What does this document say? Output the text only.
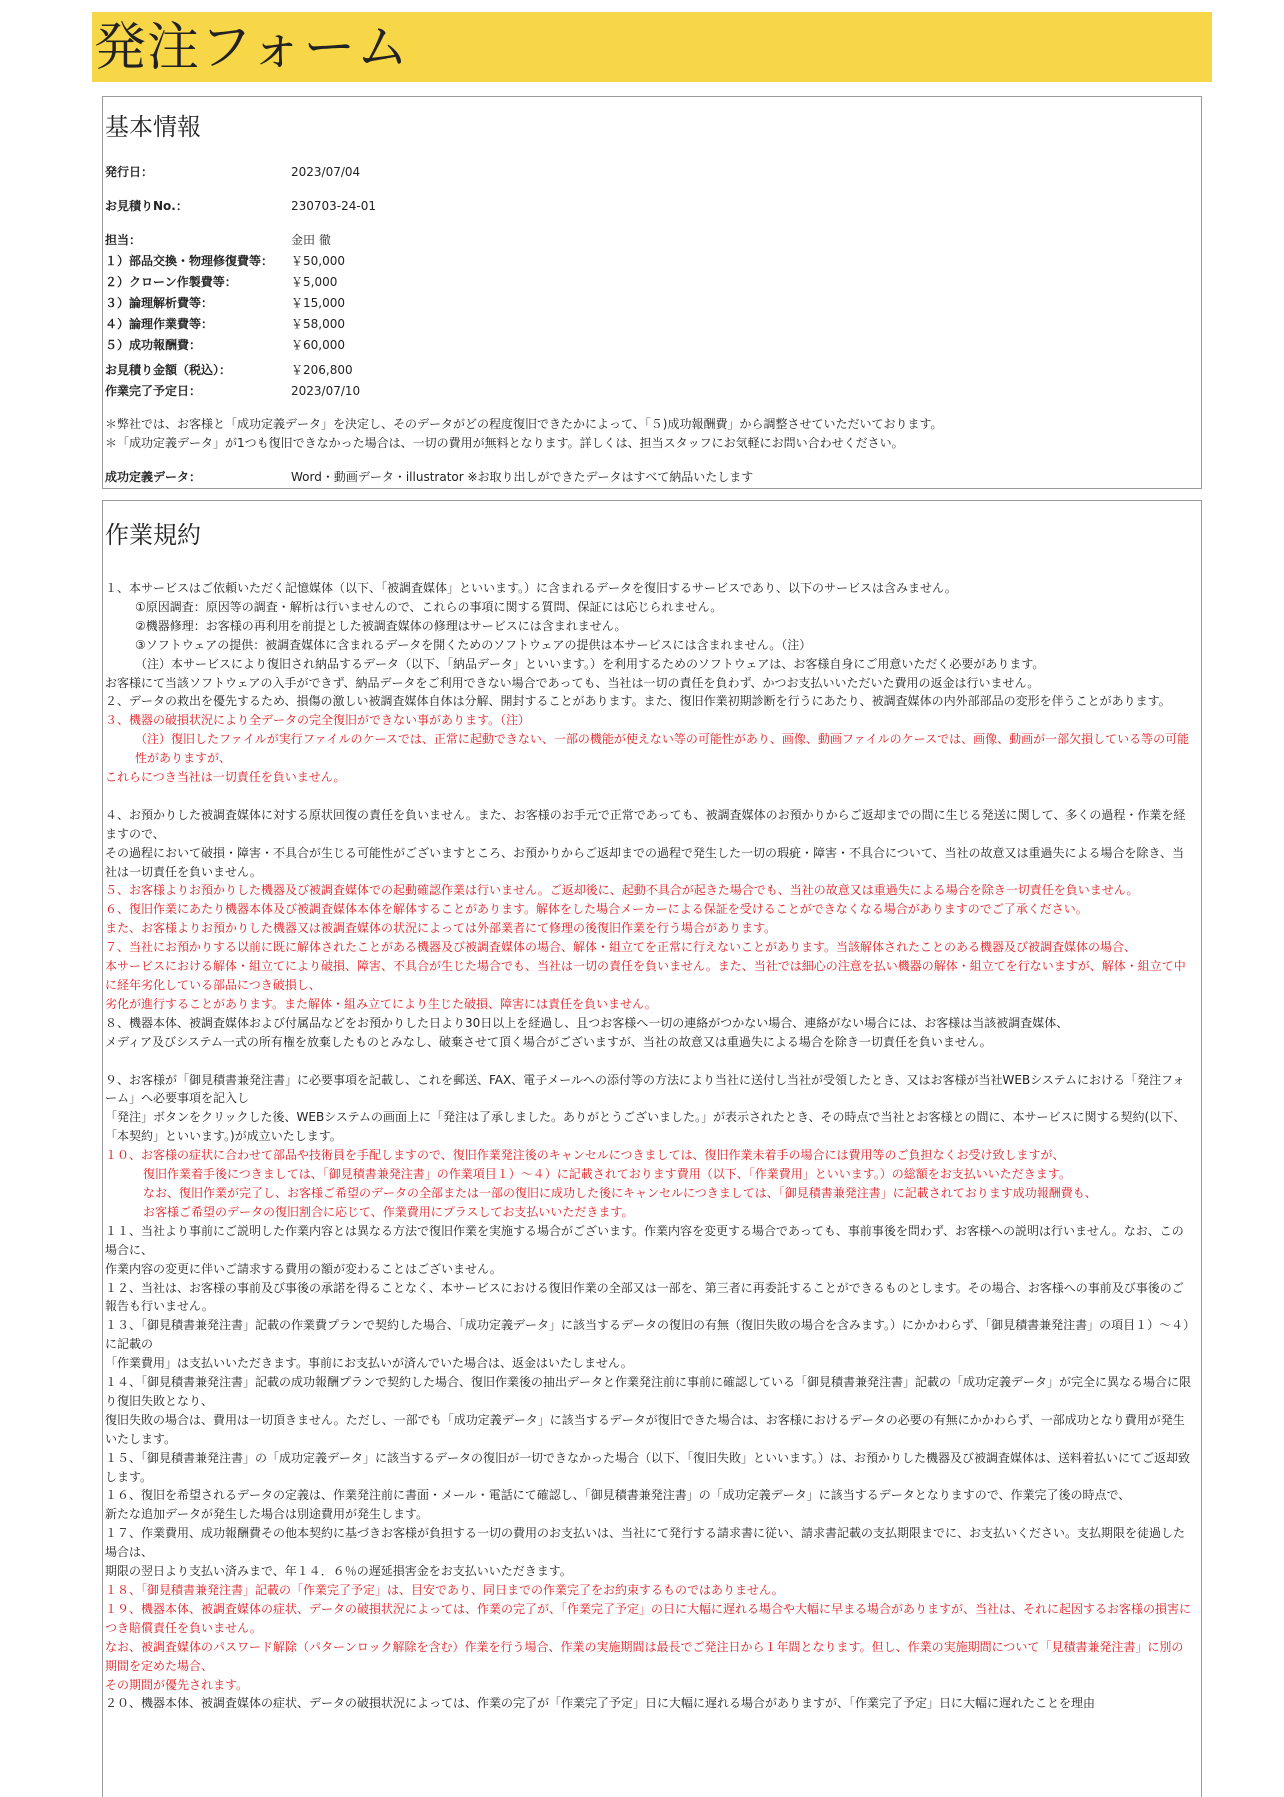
発注フォーム
基本情報
発行日：	2023/07/04
お見積りNo.：	230703-24-01
担当：	金田 徹
１）部品交換・物理修復費等： ￥50,000
２）クローン作製費等：	￥5,000
３）論理解析費等：	￥15,000
４）論理作業費等：	￥58,000
５）成功報酬費：	￥60,000
お見積り金額（税込）：	￥206,800
作業完了予定日：	2023/07/10
＊弊社では、お客様と「成功定義データ」を決定し、そのデータがどの程度復旧できたかによって、「５)成功報酬費」から調整させていただいております。
＊「成功定義データ」が1つも復旧できなかった場合は、一切の費用が無料となります。詳しくは、担当スタッフにお気軽にお問い合わせください。
成功定義データ：	Word・動画データ・illustrator ※お取り出しができたデータはすべて納品いたします
作業規約
１、本サービスはご依頼いただく記憶媒体（以下、「被調査媒体」といいます。）に含まれるデータを復旧するサービスであり、以下のサービスは含みません。
①原因調査：原因等の調査・解析は行いませんので、これらの事項に関する質問、保証には応じられません。
②機器修理：お客様の再利用を前提とした被調査媒体の修理はサービスには含まれません。
③ソフトウェアの提供：被調査媒体に含まれるデータを開くためのソフトウェアの提供は本サービスには含まれません。（注）
（注）本サービスにより復旧され納品するデータ（以下、「納品データ」といいます。）を利用するためのソフトウェアは、お客様自身にご用意いただく必要があります。
お客様にて当該ソフトウェアの入手ができず、納品データをご利用できない場合であっても、当社は一切の責任を負わず、かつお支払いいただいた費用の返金は行いません。
２、データの救出を優先するため、損傷の激しい被調査媒体自体は分解、開封することがあります。また、復旧作業初期診断を行うにあたり、被調査媒体の内外部部品の変形を伴うことがあります。
３、機器の破損状況により全データの完全復旧ができない事があります。（注）
（注）復旧したファイルが実行ファイルのケースでは、正常に起動できない、一部の機能が使えない等の可能性があり、画像、動画ファイルのケースでは、画像、動画が一部欠損している等の可能性がありますが、
これらにつき当社は一切責任を負いません。
４、お預かりした被調査媒体に対する原状回復の責任を負いません。また、お客様のお手元で正常であっても、被調査媒体のお預かりからご返却までの間に生じる発送に関して、多くの過程・作業を経ますので、
その過程において破損・障害・不具合が生じる可能性がございますところ、お預かりからご返却までの過程で発生した一切の瑕疵・障害・不具合について、当社の故意又は重過失による場合を除き、当社は一切責任を負いません。
５、お客様よりお預かりした機器及び被調査媒体での起動確認作業は行いません。ご返却後に、起動不具合が起きた場合でも、当社の故意又は重過失による場合を除き一切責任を負いません。
６、復旧作業にあたり機器本体及び被調査媒体本体を解体することがあります。解体をした場合メーカーによる保証を受けることができなくなる場合がありますのでご了承ください。
また、お客様よりお預かりした機器又は被調査媒体の状況によっては外部業者にて修理の後復旧作業を行う場合があります。
７、当社にお預かりする以前に既に解体されたことがある機器及び被調査媒体の場合、解体・組立てを正常に行えないことがあります。当該解体されたことのある機器及び被調査媒体の場合、
本サービスにおける解体・組立てにより破損、障害、不具合が生じた場合でも、当社は一切の責任を負いません。また、当社では細心の注意を払い機器の解体・組立てを行ないますが、解体・組立て中に経年劣化している部品につき破損し、
劣化が進行することがあります。また解体・組み立てにより生じた破損、障害には責任を負いません。
８、機器本体、被調査媒体および付属品などをお預かりした日より30日以上を経過し、且つお客様へ一切の連絡がつかない場合、連絡がない場合には、お客様は当該被調査媒体、
メディア及びシステム一式の所有権を放棄したものとみなし、破棄させて頂く場合がございますが、当社の故意又は重過失による場合を除き一切責任を負いません。
９、お客様が「御見積書兼発注書」に必要事項を記載し、これを郵送、FAX、電子メールへの添付等の方法により当社に送付し当社が受領したとき、又はお客様が当社WEBシステムにおける「発注フォーム」へ必要事項を記入し
「発注」ボタンをクリックした後、WEBシステムの画面上に「発注は了承しました。ありがとうございました。」が表示されたとき、その時点で当社とお客様との間に、本サービスに関する契約(以下、「本契約」といいます。)が成立いたします。
１０、お客様の症状に合わせて部品や技術員を手配しますので、復旧作業発注後のキャンセルにつきましては、復旧作業未着手の場合には費用等のご負担なくお受け致しますが、
復旧作業着手後につきましては、「御見積書兼発注書」の作業項目１）～４）に記載されております費用（以下、「作業費用」といいます。）の総額をお支払いいただきます。
なお、復旧作業が完了し、お客様ご希望のデータの全部または一部の復旧に成功した後にキャンセルにつきましては、「御見積書兼発注書」に記載されております成功報酬費も、
お客様ご希望のデータの復旧割合に応じて、作業費用にプラスしてお支払いいただきます。
１１、当社より事前にご説明した作業内容とは異なる方法で復旧作業を実施する場合がございます。作業内容を変更する場合であっても、事前事後を問わず、お客様への説明は行いません。なお、この場合に、
作業内容の変更に伴いご請求する費用の額が変わることはございません。
１２、当社は、お客様の事前及び事後の承諾を得ることなく、本サービスにおける復旧作業の全部又は一部を、第三者に再委託することができるものとします。その場合、お客様への事前及び事後のご報告も行いません。
１３、「御見積書兼発注書」記載の作業費プランで契約した場合、「成功定義データ」に該当するデータの復旧の有無（復旧失敗の場合を含みます。）にかかわらず、「御見積書兼発注書」の項目１）～４）に記載の
「作業費用」は支払いいただきます。事前にお支払いが済んでいた場合は、返金はいたしません。
１４、「御見積書兼発注書」記載の成功報酬プランで契約した場合、復旧作業後の抽出データと作業発注前に事前に確認している「御見積書兼発注書」記載の「成功定義データ」が完全に異なる場合に限り復旧失敗となり、
復旧失敗の場合は、費用は一切頂きません。ただし、一部でも「成功定義データ」に該当するデータが復旧できた場合は、お客様におけるデータの必要の有無にかかわらず、一部成功となり費用が発生いたします。
１５、「御見積書兼発注書」の「成功定義データ」に該当するデータの復旧が一切できなかった場合（以下、「復旧失敗」といいます。）は、お預かりした機器及び被調査媒体は、送料着払いにてご返却致します。
１６、復旧を希望されるデータの定義は、作業発注前に書面・メール・電話にて確認し、「御見積書兼発注書」の「成功定義データ」に該当するデータとなりますので、作業完了後の時点で、
新たな追加データが発生した場合は別途費用が発生します。
１７、作業費用、成功報酬費その他本契約に基づきお客様が負担する一切の費用のお支払いは、当社にて発行する請求書に従い、請求書記載の支払期限までに、お支払いください。支払期限を徒過した場合は、
期限の翌日より支払い済みまで、年１４．６％の遅延損害金をお支払いいただきます。
１８、「御見積書兼発注書」記載の「作業完了予定」は、目安であり、同日までの作業完了をお約束するものではありません。
１９、機器本体、被調査媒体の症状、データの破損状況によっては、作業の完了が、「作業完了予定」の日に大幅に遅れる場合や大幅に早まる場合がありますが、当社は、それに起因するお客様の損害につき賠償責任を負いません。
なお、被調査媒体のパスワード解除（パターンロック解除を含む）作業を行う場合、作業の実施期間は最長でご発注日から１年間となります。但し、作業の実施期間について「見積書兼発注書」に別の期間を定めた場合、
その期間が優先されます。
２０、機器本体、被調査媒体の症状、データの破損状況によっては、作業の完了が「作業完了予定」日に大幅に遅れる場合がありますが、「作業完了予定」日に大幅に遅れたことを理由
